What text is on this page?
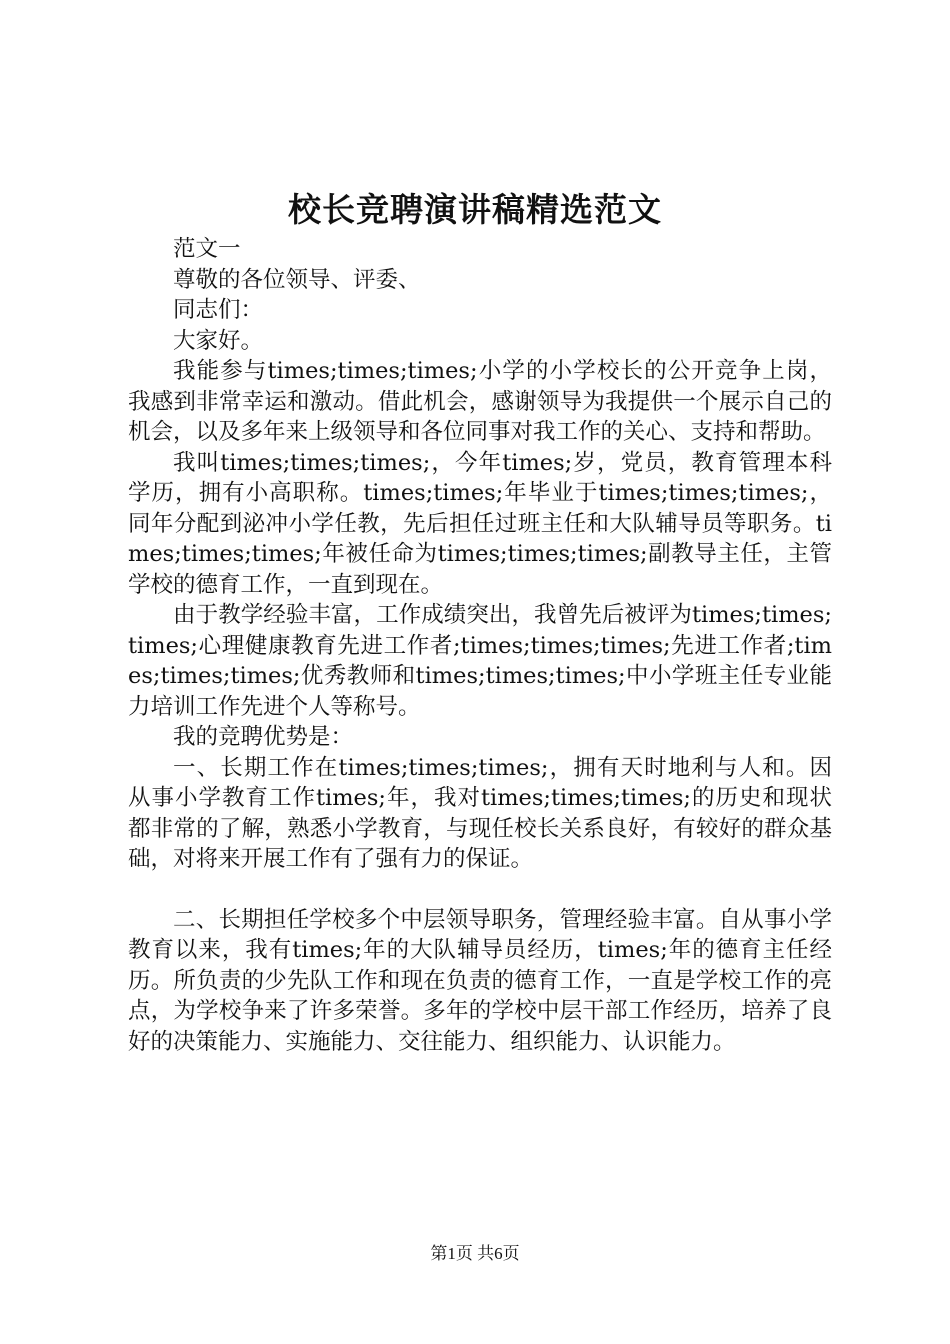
校长竞聘演讲稿精选范文

范文一

尊敬的各位领导、评委、

同志们：

大家好。

我能参与times;times;times;小学的小学校长的公开竞争上岗，我感到非常幸运和激动。借此机会，感谢领导为我提供一个展示自己的机会，以及多年来上级领导和各位同事对我工作的关心、支持和帮助。

我叫times;times;times;，今年times;岁，党员，教育管理本科学历，拥有小高职称。times;times;年毕业于times;times;times;，同年分配到泌冲小学任教，先后担任过班主任和大队辅导员等职务。times;times;times;年被任命为times;times;times;副教导主任，主管学校的德育工作，一直到现在。

由于教学经验丰富，工作成绩突出，我曾先后被评为times;times;times;心理健康教育先进工作者;times;times;times;先进工作者;times;times;times;优秀教师和times;times;times;中小学班主任专业能力培训工作先进个人等称号。

我的竞聘优势是：

一、长期工作在times;times;times;，拥有天时地利与人和。因从事小学教育工作times;年，我对times;times;times;的历史和现状都非常的了解，熟悉小学教育，与现任校长关系良好，有较好的群众基础，对将来开展工作有了强有力的保证。

二、长期担任学校多个中层领导职务，管理经验丰富。自从事小学教育以来，我有times;年的大队辅导员经历，times;年的德育主任经历。所负责的少先队工作和现在负责的德育工作，一直是学校工作的亮点，为学校争来了许多荣誉。多年的学校中层干部工作经历，培养了良好的决策能力、实施能力、交往能力、组织能力、认识能力。

第1页 共6页
